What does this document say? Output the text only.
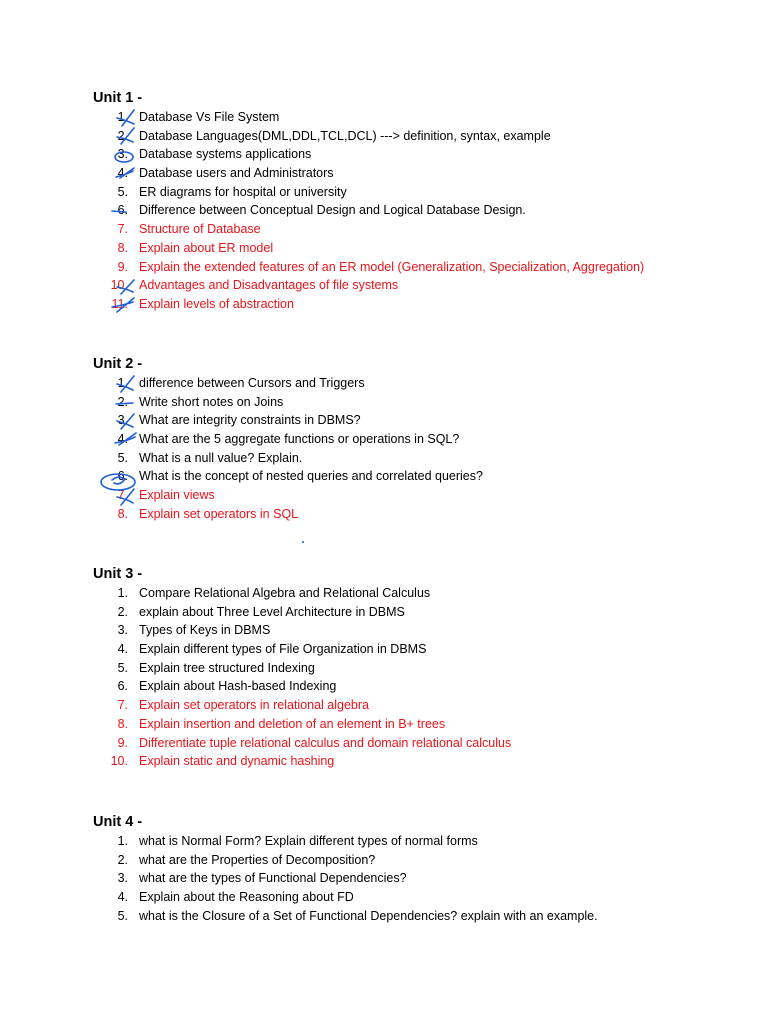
Unit 1 -
1. Database Vs File System
2. Database Languages(DML,DDL,TCL,DCL) ---> definition, syntax, example
3. Database systems applications
4. Database users and Administrators
5. ER diagrams for hospital or university
6. Difference between Conceptual Design and Logical Database Design.
7. Structure of Database
8. Explain about ER model
9. Explain the extended features of an ER model (Generalization, Specialization, Aggregation)
10. Advantages and Disadvantages of file systems
11. Explain levels of abstraction
Unit 2 -
1. difference between Cursors and Triggers
2. Write short notes on Joins
3. What are integrity constraints in DBMS?
4. What are the 5 aggregate functions or operations in SQL?
5. What is a null value? Explain.
6. What is the concept of nested queries and correlated queries?
7. Explain views
8. Explain set operators in SQL
Unit 3 -
1. Compare Relational Algebra and Relational Calculus
2. explain about Three Level Architecture in DBMS
3. Types of Keys in DBMS
4. Explain different types of File Organization in DBMS
5. Explain tree structured Indexing
6. Explain about Hash-based Indexing
7. Explain set operators in relational algebra
8. Explain insertion and deletion of an element in B+ trees
9. Differentiate tuple relational calculus and domain relational calculus
10. Explain static and dynamic hashing
Unit 4 -
1. what is Normal Form? Explain different types of normal forms
2. what are the Properties of Decomposition?
3. what are the types of Functional Dependencies?
4. Explain about the Reasoning about FD
5. what is the Closure of a Set of Functional Dependencies? explain with an example.
